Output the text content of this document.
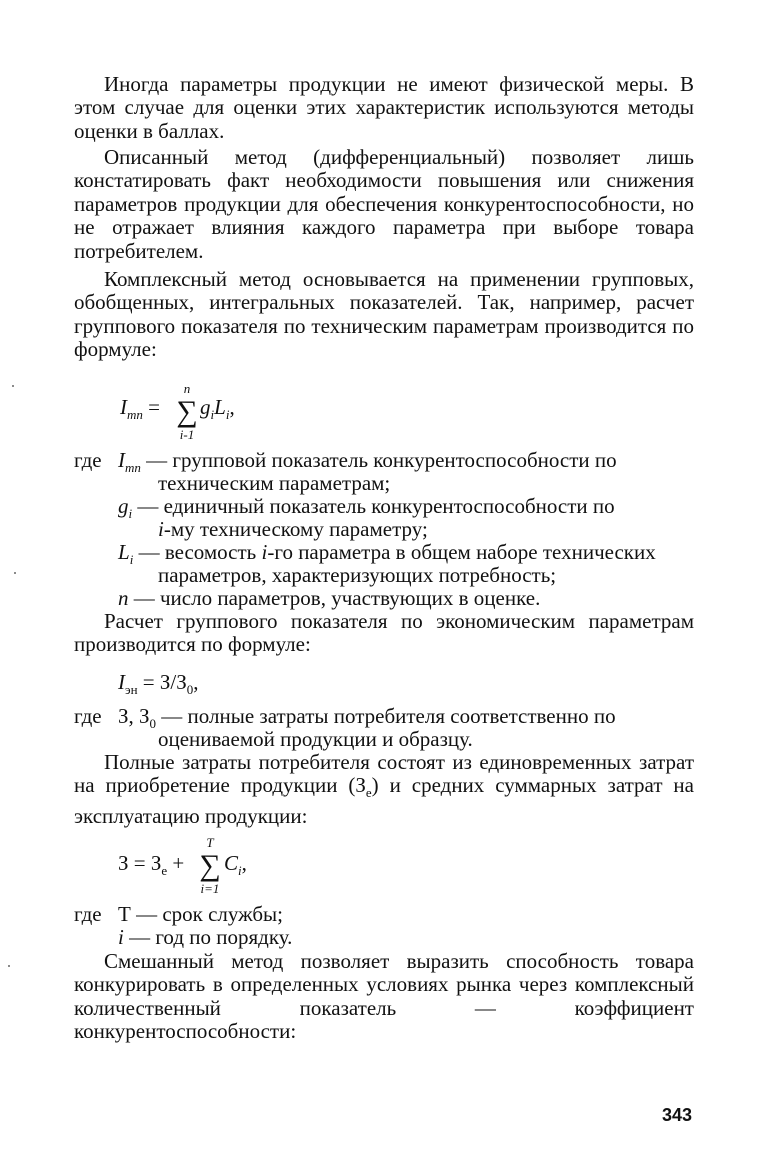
Иногда параметры продукции не имеют физической меры. В этом случае для оценки этих характеристик используются методы оценки в баллах.

Описанный метод (дифференциальный) позволяет лишь констатировать факт необходимости повышения или снижения параметров продукции для обеспечения конкурентоспособности, но не отражает влияния каждого параметра при выборе товара потребителем.

Комплексный метод основывается на применении групповых, обобщенных, интегральных показателей. Так, например, расчет группового показателя по техническим параметрам производится по формуле:

$I_{mn}$ =
n
∑
i-1
$g_iL_i$,
где $I_{mn}$ — групповой показатель конкурентоспособности по
техническим параметрам;
$g_i$ — единичный показатель конкурентоспособности по
i-му техническому параметру;
$L_i$ — весомость i-го параметра в общем наборе технических
параметров, характеризующих потребность;
n — число параметров, участвующих в оценке.

Расчет группового показателя по экономическим параметрам производится по формуле:

$I_{эн} = З/З_0$,
где З, $З_0$ — полные затраты потребителя соответственно по
оцениваемой продукции и образцу.

Полные затраты потребителя состоят из единовременных затрат на приобретение продукции $(З_е)$ и средних суммарных затрат на эксплуатацию продукции:

$З = З_е$ +
T
∑
i=1
$C_i$,
где Т — срок службы;
i — год по порядку.

Смешанный метод позволяет выразить способность товара конкурировать в определенных условиях рынка через комплексный количественный показатель — коэффициент конкурентоспособности:

343
